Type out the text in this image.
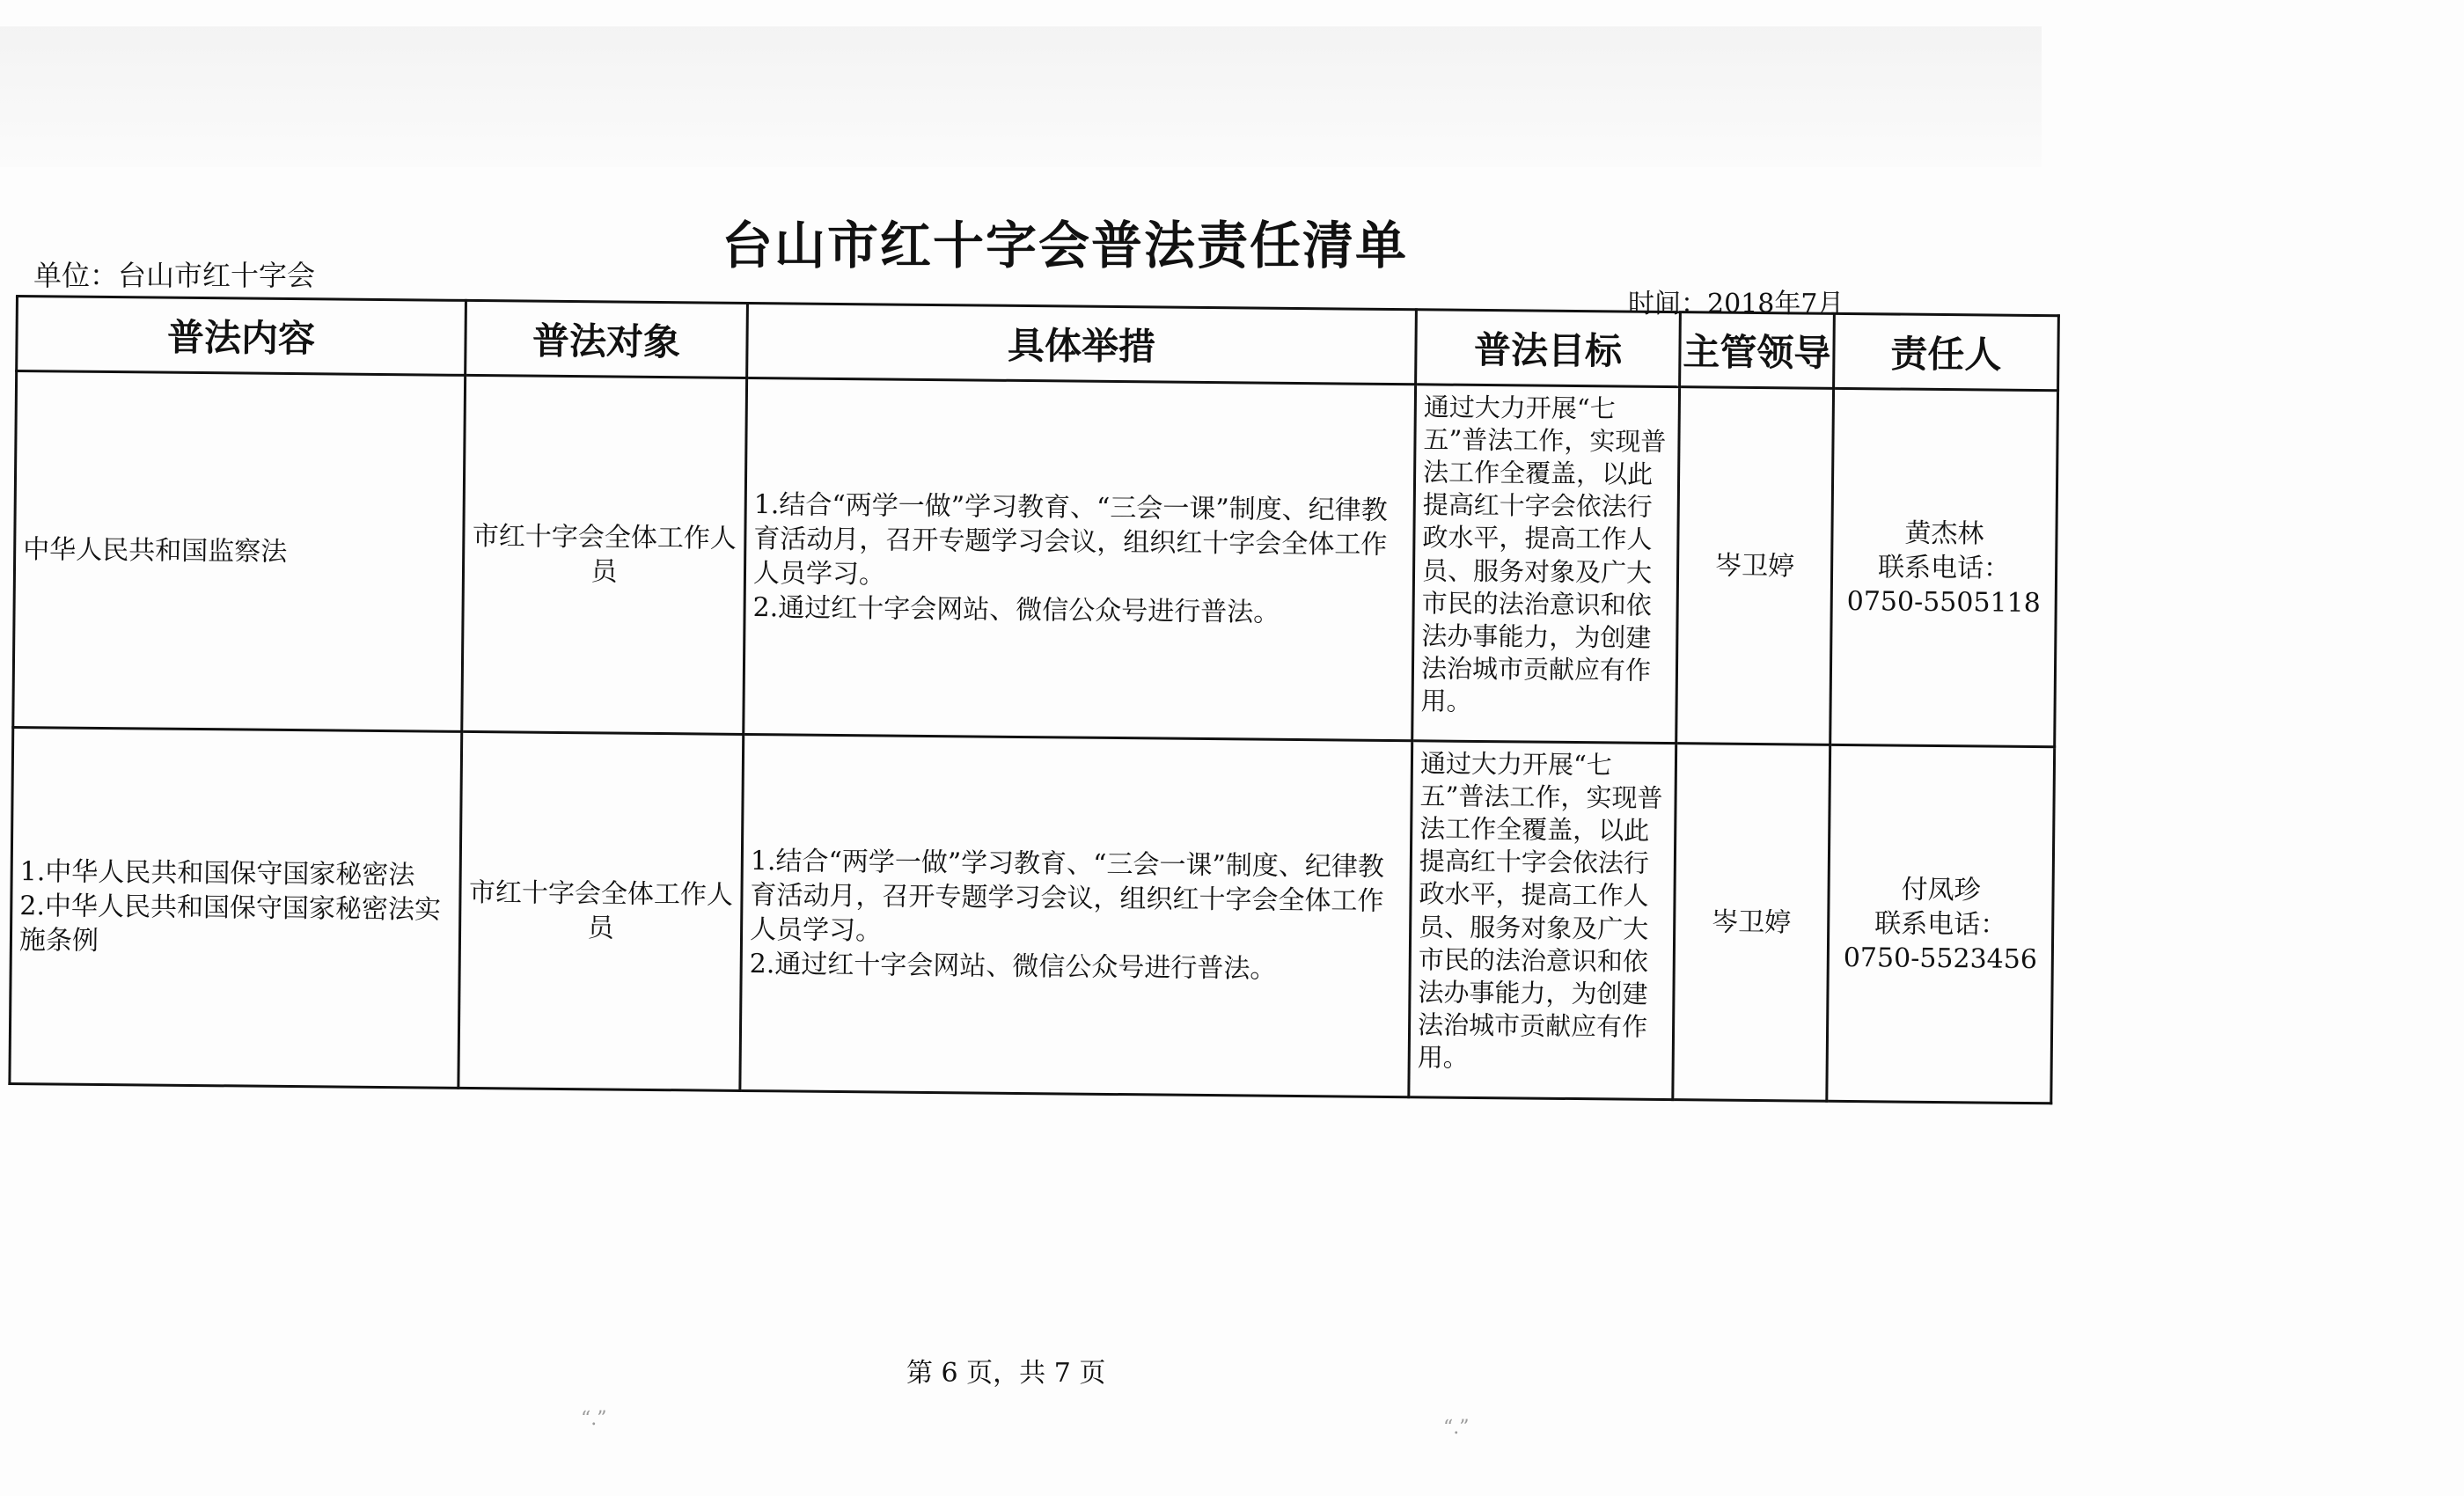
台山市红十字会普法责任清单
单位：台山市红十字会
时间：2018年7月
普法内容	普法对象	具体举措	普法目标	主管领导	责任人

中华人民共和国监察法	市红十字会全体工作人员	1.结合“两学一做”学习教育、“三会一课”制度、纪律教育活动月，召开专题学习会议，组织红十字会全体工作人员学习。
2.通过红十字会网站、微信公众号进行普法。	通过大力开展“七五”普法工作，实现普法工作全覆盖，以此提高红十字会依法行政水平，提高工作人员、服务对象及广大市民的法治意识和依法办事能力，为创建法治城市贡献应有作用。	岑卫婷	黄杰林
联系电话：
0750-5505118

1.中华人民共和国保守国家秘密法
2.中华人民共和国保守国家秘密法实施条例	市红十字会全体工作人员	1.结合“两学一做”学习教育、“三会一课”制度、纪律教育活动月，召开专题学习会议，组织红十字会全体工作人员学习。
2.通过红十字会网站、微信公众号进行普法。	通过大力开展“七五”普法工作，实现普法工作全覆盖，以此提高红十字会依法行政水平，提高工作人员、服务对象及广大市民的法治意识和依法办事能力，为创建法治城市贡献应有作用。	岑卫婷	付凤珍
联系电话：
0750-5523456
第 6 页，共 7 页
“.”	“.”
